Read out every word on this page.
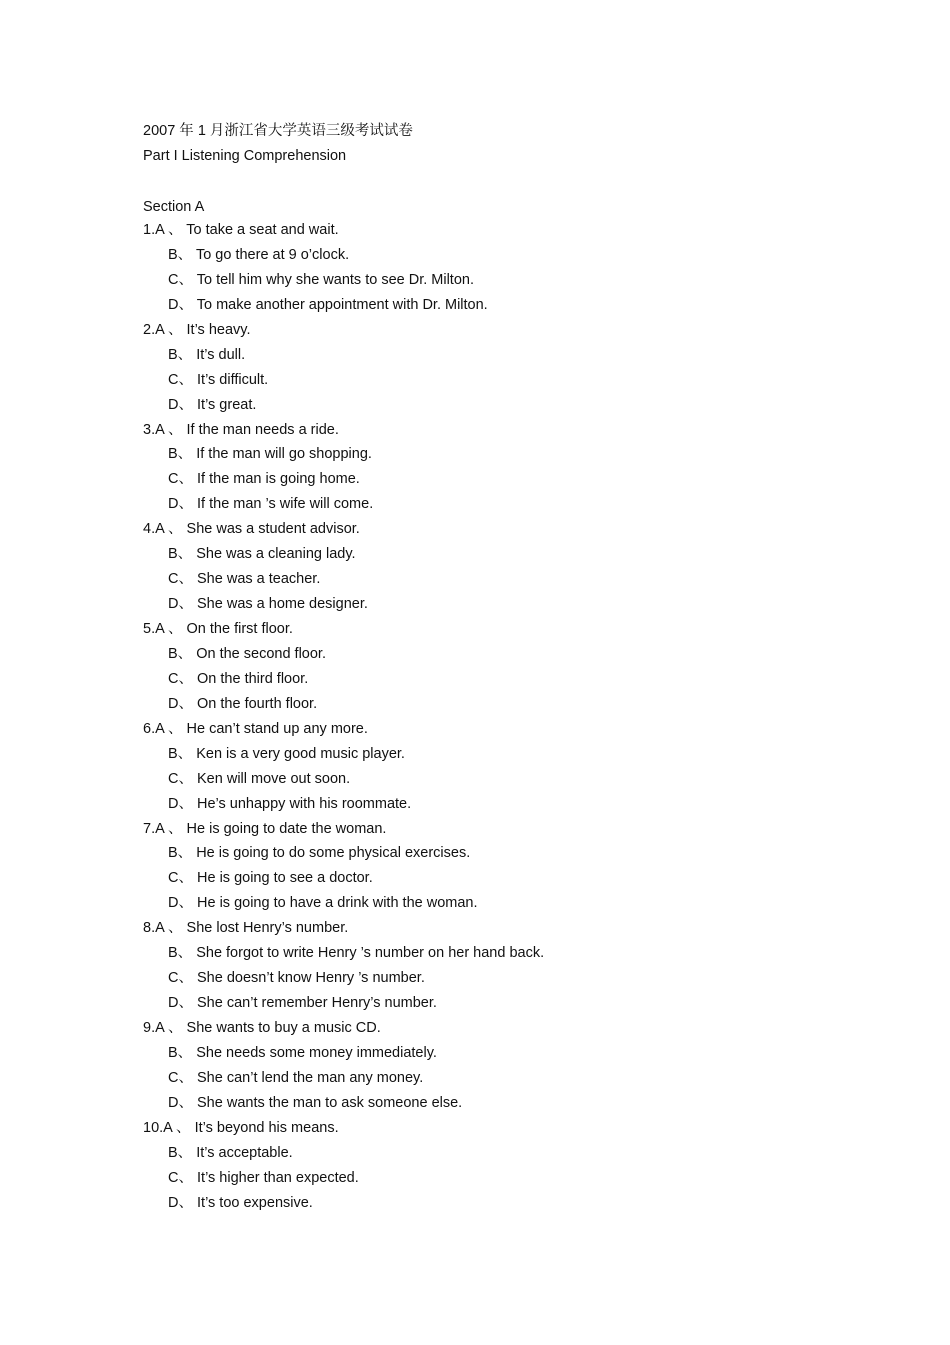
2007 年 1 月浙江省大学英语三级考试试卷
Part I Listening Comprehension
Section A
1.A 、 To take a seat and wait.
B、 To go there at 9 o’clock.
C、 To tell him why she wants to see Dr. Milton.
D、 To make another appointment with Dr. Milton.
2.A 、 It’s heavy.
B、 It’s dull.
C、 It’s difficult.
D、 It’s great.
3.A 、 If the man needs a ride.
B、 If the man will go shopping.
C、 If the man is going home.
D、 If the man ’s wife will come.
4.A 、 She was a student advisor.
B、 She was a cleaning lady.
C、 She was a teacher.
D、 She was a home designer.
5.A 、 On the first floor.
B、 On the second floor.
C、 On the third floor.
D、 On the fourth floor.
6.A 、 He can’t stand up any more.
B、 Ken is a very good music player.
C、 Ken will move out soon.
D、 He’s unhappy with his roommate.
7.A 、 He is going to date the woman.
B、 He is going to do some physical exercises.
C、 He is going to see a doctor.
D、 He is going to have a drink with the woman.
8.A 、 She lost Henry’s number.
B、 She forgot to write Henry ’s number on her hand back.
C、 She doesn’t know Henry ’s number.
D、 She can’t remember Henry’s number.
9.A 、 She wants to buy a music CD.
B、 She needs some money immediately.
C、 She can’t lend the man any money.
D、 She wants the man to ask someone else.
10.A 、 It’s beyond his means.
B、 It’s acceptable.
C、 It’s higher than expected.
D、 It’s too expensive.
